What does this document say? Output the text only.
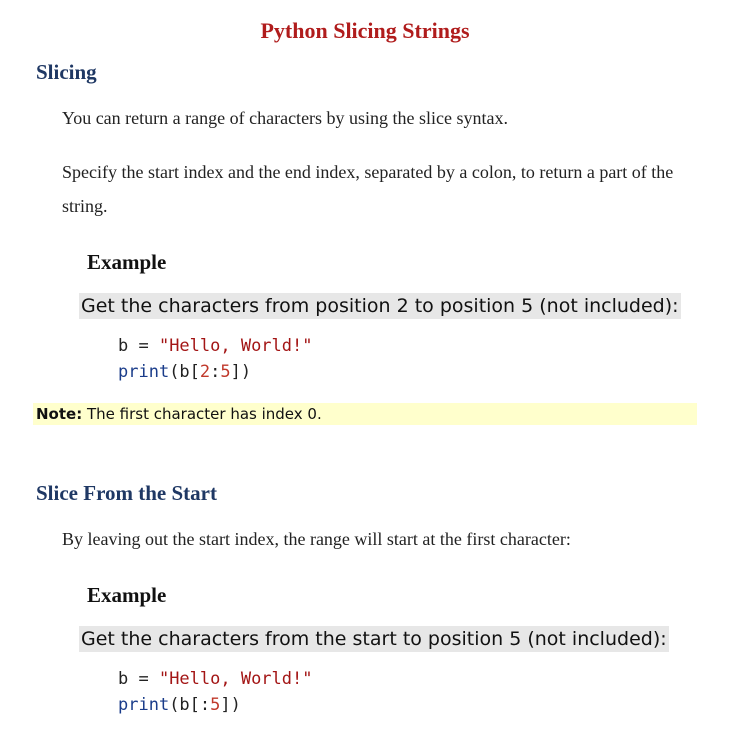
Python Slicing Strings
Slicing
You can return a range of characters by using the slice syntax.
Specify the start index and the end index, separated by a colon, to return a part of the string.
Example
Get the characters from position 2 to position 5 (not included):
b = "Hello, World!"
print(b[2:5])
Note: The first character has index 0.
Slice From the Start
By leaving out the start index, the range will start at the first character:
Example
Get the characters from the start to position 5 (not included):
b = "Hello, World!"
print(b[:5])
